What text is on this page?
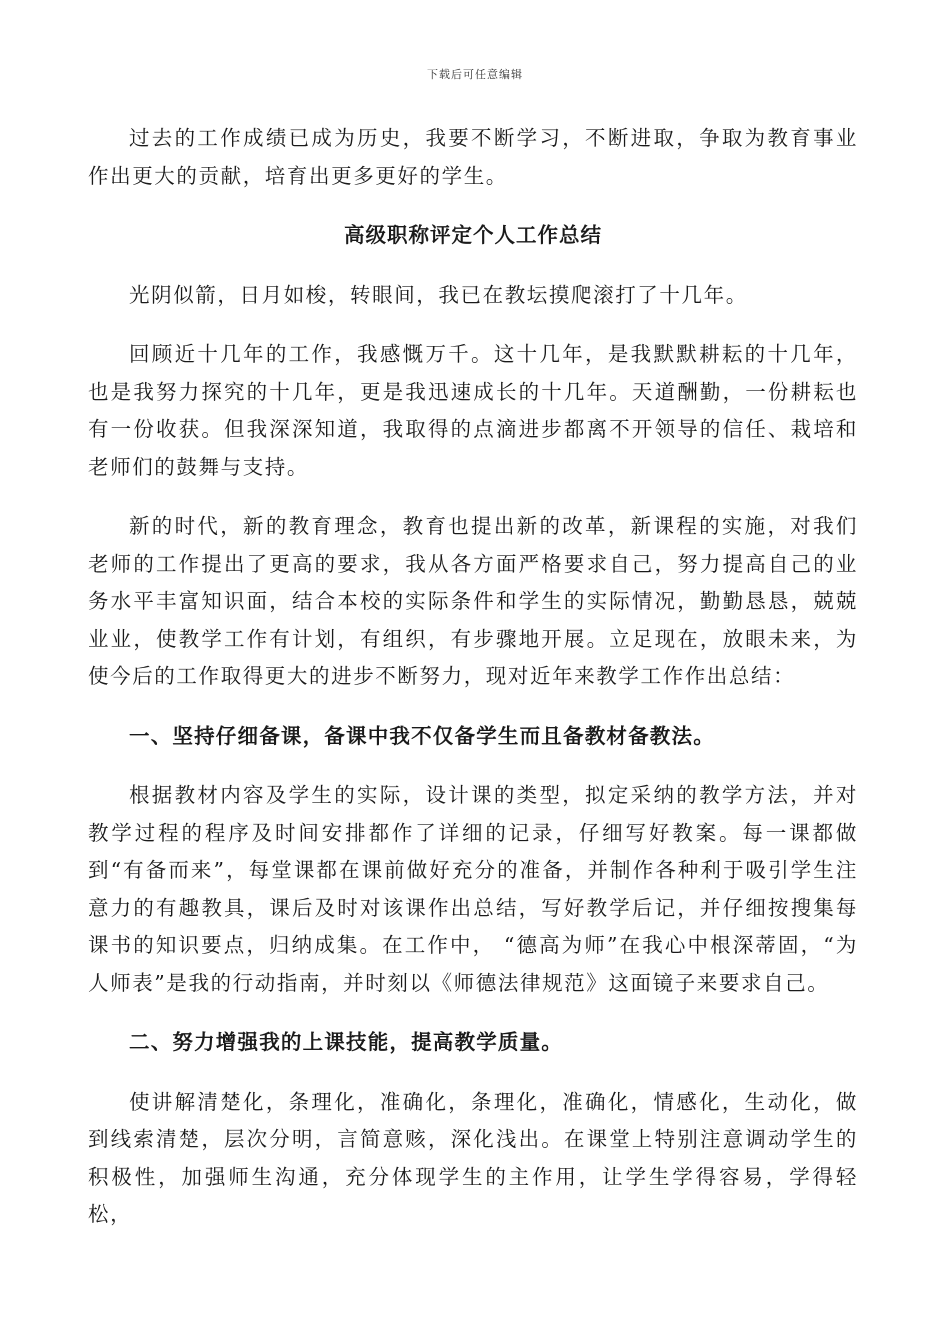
下载后可任意编辑

过去的工作成绩已成为历史，我要不断学习，不断进取，争取为教育事业作出更大的贡献，培育出更多更好的学生。

高级职称评定个人工作总结

光阴似箭，日月如梭，转眼间，我已在教坛摸爬滚打了十几年。

回顾近十几年的工作，我感慨万千。这十几年，是我默默耕耘的十几年，也是我努力探究的十几年，更是我迅速成长的十几年。天道酬勤，一份耕耘也有一份收获。但我深深知道，我取得的点滴进步都离不开领导的信任、栽培和老师们的鼓舞与支持。

新的时代，新的教育理念，教育也提出新的改革，新课程的实施，对我们老师的工作提出了更高的要求，我从各方面严格要求自己，努力提高自己的业务水平丰富知识面，结合本校的实际条件和学生的实际情况，勤勤恳恳，兢兢业业，使教学工作有计划，有组织，有步骤地开展。立足现在，放眼未来，为使今后的工作取得更大的进步不断努力，现对近年来教学工作作出总结：

一、坚持仔细备课，备课中我不仅备学生而且备教材备教法。

根据教材内容及学生的实际，设计课的类型，拟定采纳的教学方法，并对教学过程的程序及时间安排都作了详细的记录，仔细写好教案。每一课都做到“有备而来”，每堂课都在课前做好充分的准备，并制作各种利于吸引学生注意力的有趣教具，课后及时对该课作出总结，写好教学后记，并仔细按搜集每课书的知识要点，归纳成集。在工作中， “德高为师”在我心中根深蒂固，“为人师表”是我的行动指南，并时刻以《师德法律规范》这面镜子来要求自己。

二、努力增强我的上课技能，提高教学质量。

使讲解清楚化，条理化，准确化，条理化，准确化，情感化，生动化，做到线索清楚，层次分明，言简意赅，深化浅出。在课堂上特别注意调动学生的积极性，加强师生沟通，充分体现学生的主作用，让学生学得容易，学得轻松，
